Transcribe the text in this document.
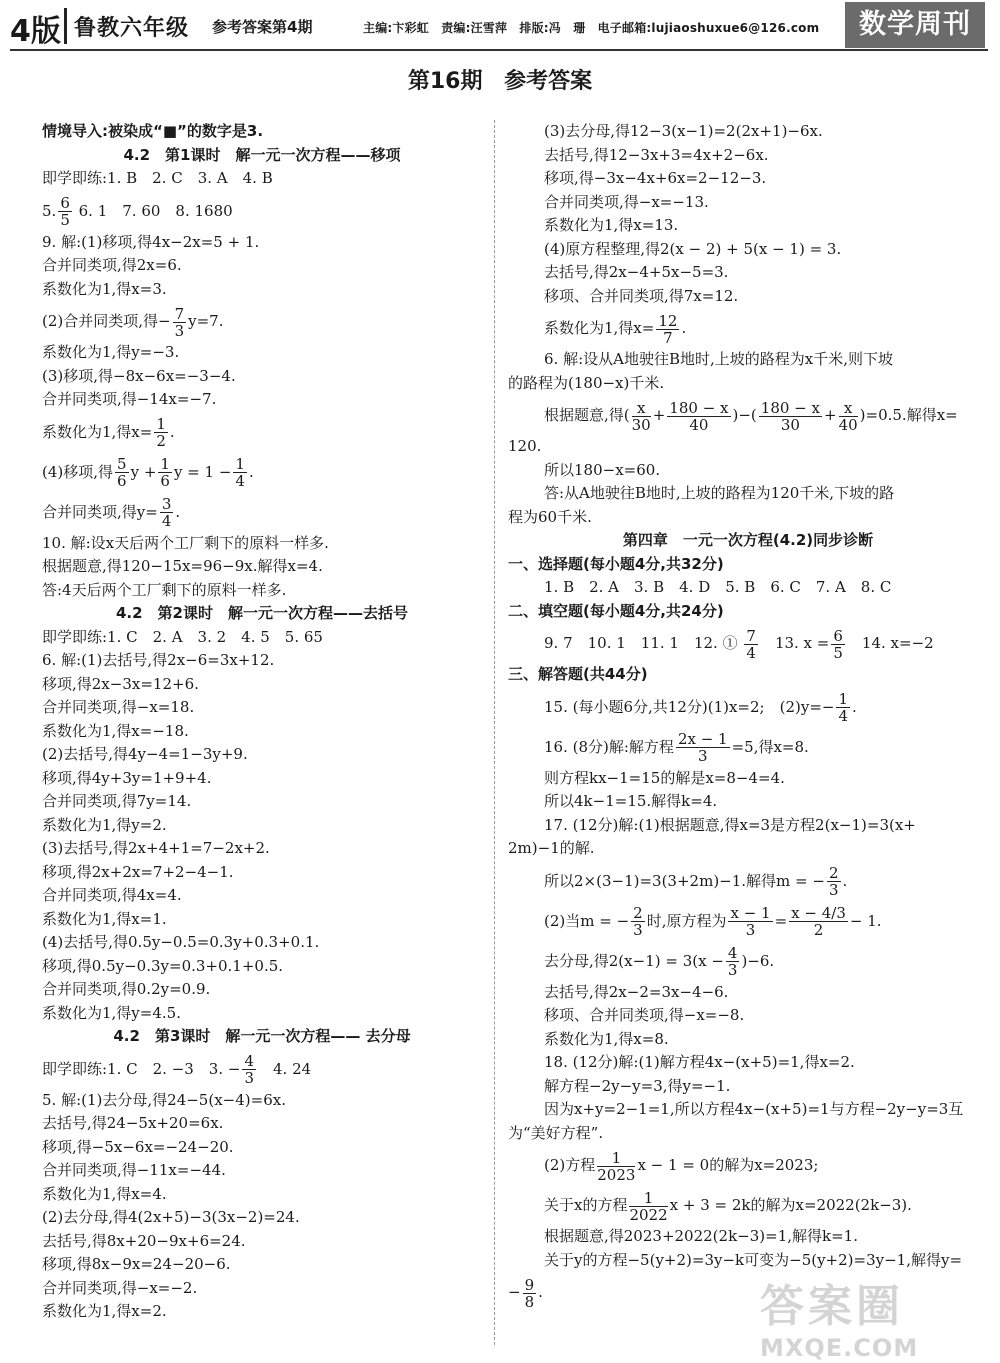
4版 鲁教六年级 参考答案第4期	主编:卞彩虹　责编:汪雪萍　排版:冯　珊　电子邮箱:lujiaoshuxue6@126.com	数学周刊
第16期 参考答案
情境导入:被染成“■”的数字是3.
4.2　第1课时　解一元一次方程——移项
即学即练:1. B　2. C　3. A　4. B
5. $\frac{6}{5} 6$. 1　7. 60　8. 1680
9. 解:(1)移项,得4x−2x=5 + 1.
合并同类项,得2x=6.
系数化为1,得x=3.
(2)合并同类项,得− $\frac{7}{3} y=7$.
系数化为1,得y=−3.
(3)移项,得−8x−6x=−3−4.
合并同类项,得−14x=−7.
系数化为1,得$x= \frac{1}{2}$ .
(4)移项,得 $\frac{5}{6}$ $y + \frac{1}{6}$ $y = 1 - \frac{1}{4}$ .
合并同类项,得$y= \frac{3}{4}$ .
10. 解:设x天后两个工厂剩下的原料一样多.
根据题意,得120−15x=96−9x.解得x=4.
答:4天后两个工厂剩下的原料一样多.
4.2　第2课时　解一元一次方程——去括号
即学即练:1. C　2. A　3. 2　4. 5　5. 65
6. 解:(1)去括号,得2x−6=3x+12.
移项,得2x−3x=12+6.
合并同类项,得−x=18.
系数化为1,得x=−18.
(2)去括号,得4y−4=1−3y+9.
移项,得4y+3y=1+9+4.
合并同类项,得7y=14.
系数化为1,得y=2.
(3)去括号,得2x+4+1=7−2x+2.
移项,得2x+2x=7+2−4−1.
合并同类项,得4x=4.
系数化为1,得x=1.
(4)去括号,得0.5y−0.5=0.3y+0.3+0.1.
移项,得0.5y−0.3y=0.3+0.1+0.5.
合并同类项,得0.2y=0.9.
系数化为1,得y=4.5.
4.2　第3课时　解一元一次方程—— 去分母
即学即练:1. C　2. −3　3. − $\frac{4}{3}$
　 4. 24
5. 解:(1)去分母,得24−5(x−4)=6x.
去括号,得24−5x+20=6x.
移项,得−5x−6x=−24−20.
合并同类项,得−11x=−44.
系数化为1,得x=4.
(2)去分母,得4(2x+5)−3(3x−2)=24.
去括号,得8x+20−9x+6=24.
移项,得8x−9x=24−20−6.
合并同类项,得−x=−2.
系数化为1,得x=2.
(3)去分母,得12−3(x−1)=2(2x+1)−6x.
去括号,得12−3x+3=4x+2−6x.
移项,得−3x−4x+6x=2−12−3.
合并同类项,得−x=−13.
系数化为1,得x=13.
(4)原方程整理,得2(x − 2) + 5(x − 1) = 3.
去括号,得2x−4+5x−5=3.
移项、合并同类项,得7x=12.
系数化为1,得$x= \frac{12}{7}$ .
6. 解:设从A地驶往B地时,上坡的路程为x千米,则下坡
的路程为(180−x)千米.
根据题意,得( $\frac{x}{30} + \frac{180 - x}{40}$ )−( $\frac{180 - x}{30} + \frac{x}{40} )=0.5$.解得x=
120.
所以180−x=60.
答:从A地驶往B地时,上坡的路程为120千米,下坡的路
程为60千米.
第四章　一元一次方程(4.2)同步诊断
一、选择题(每小题4分,共32分)
1. B　2. A　3. B　4. D　5. B　6. C　7. A　8. C
二、填空题(每小题4分,共24分)
9. 7　10. 1　11. 1　12. ① $\frac{7}{4}$
　 13. $x = \frac{6}{5}$
　 14. x=−2
三、解答题(共44分)
15. (每小题6分,共12分)(1)x=2;　$(2)y=- \frac{1}{4}$ .
16. (8分)解:解方程 $\frac{2x - 1}{3} =5$,得x=8.
则方程kx−1=15的解是x=8−4=4.
所以4k−1=15.解得k=4.
17. (12分)解:(1)根据题意,得x=3是方程2(x−1)=3(x+
2m)−1的解.
所以2×(3−1)=3(3+2m)−1.解得m = − $\frac{2}{3}$ .
(2)当m = − $\frac{2}{3}$ 时,原方程为 $\frac{x - 1}{3} = \frac{x - 4/3}{2} - 1$.
去分母,得$2(x-1) = 3(x - \frac{4}{3} )-6$.
去括号,得2x−2=3x−4−6.
移项、合并同类项,得−x=−8.
系数化为1,得x=8.
18. (12分)解:(1)解方程4x−(x+5)=1,得x=2.
解方程−2y−y=3,得y=−1.
因为x+y=2−1=1,所以方程4x−(x+5)=1与方程−2y−y=3互
为“美好方程”.
(2)方程 $\frac{1}{2023}$ x − 1 = 0的解为x=2023;
关于x的方程 $\frac{1}{2022}$ x + 3 = 2k的解为x=2022(2k−3).
根据题意,得2023+2022(2k−3)=1,解得k=1.
关于y的方程−5(y+2)=3y−k可变为−5(y+2)=3y−1,解得y=
− $\frac{9}{8}$ .	答案圈
MXQE.COM
